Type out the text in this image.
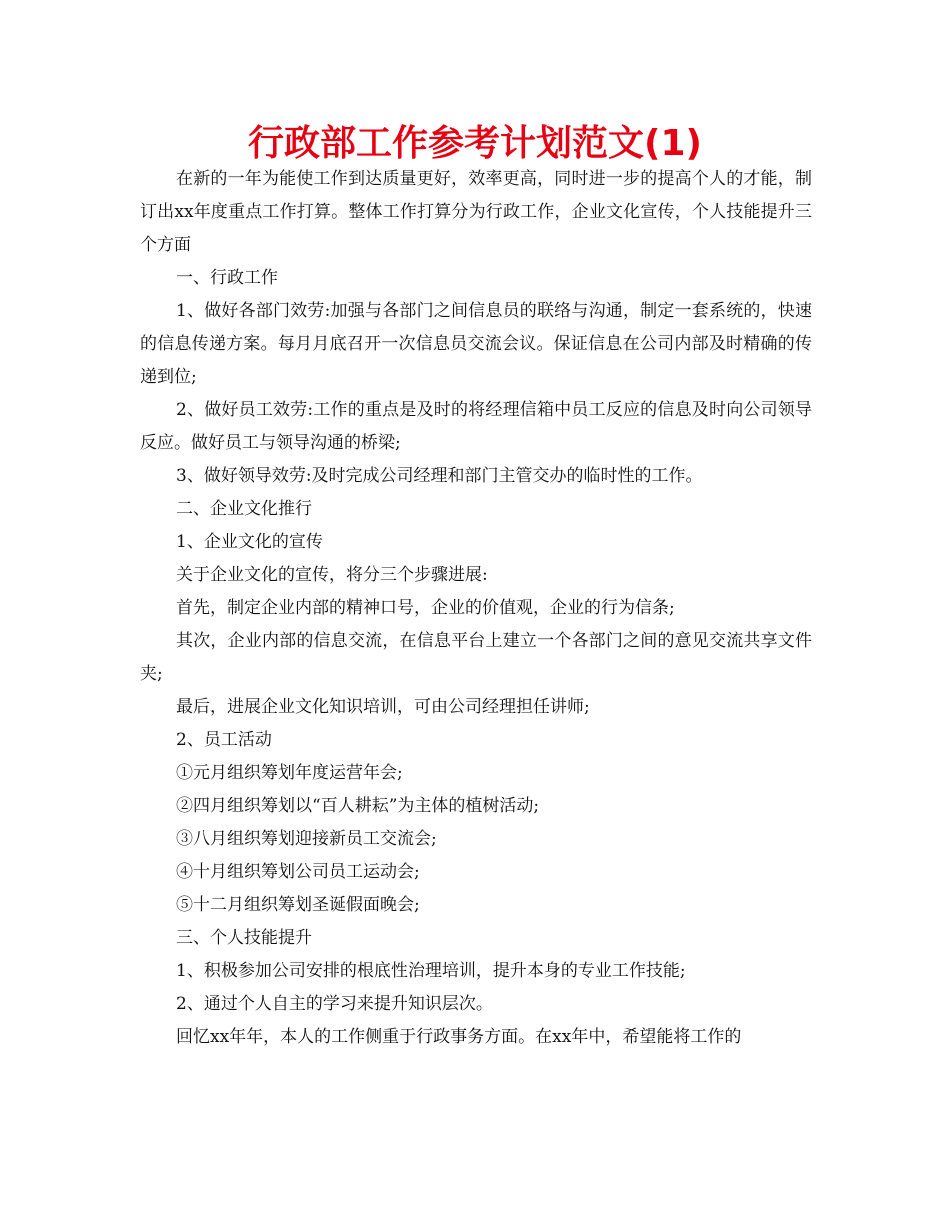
行政部工作参考计划范文(1)

在新的一年为能使工作到达质量更好，效率更高，同时进一步的提高个人的才能，制订出xx年度重点工作打算。整体工作打算分为行政工作，企业文化宣传，个人技能提升三个方面

一、行政工作

1、做好各部门效劳:加强与各部门之间信息员的联络与沟通，制定一套系统的，快速的信息传递方案。每月月底召开一次信息员交流会议。保证信息在公司内部及时精确的传递到位;

2、做好员工效劳:工作的重点是及时的将经理信箱中员工反应的信息及时向公司领导反应。做好员工与领导沟通的桥梁;

3、做好领导效劳:及时完成公司经理和部门主管交办的临时性的工作。

二、企业文化推行

1、企业文化的宣传

关于企业文化的宣传，将分三个步骤进展:

首先，制定企业内部的精神口号，企业的价值观，企业的行为信条;

其次，企业内部的信息交流，在信息平台上建立一个各部门之间的意见交流共享文件夹;

最后，进展企业文化知识培训，可由公司经理担任讲师;

2、员工活动

①元月组织筹划年度运营年会;

②四月组织筹划以“百人耕耘”为主体的植树活动;

③八月组织筹划迎接新员工交流会;

④十月组织筹划公司员工运动会;

⑤十二月组织筹划圣诞假面晚会;

三、个人技能提升

1、积极参加公司安排的根底性治理培训，提升本身的专业工作技能;

2、通过个人自主的学习来提升知识层次。

回忆xx年年，本人的工作侧重于行政事务方面。在xx年中，希望能将工作的
